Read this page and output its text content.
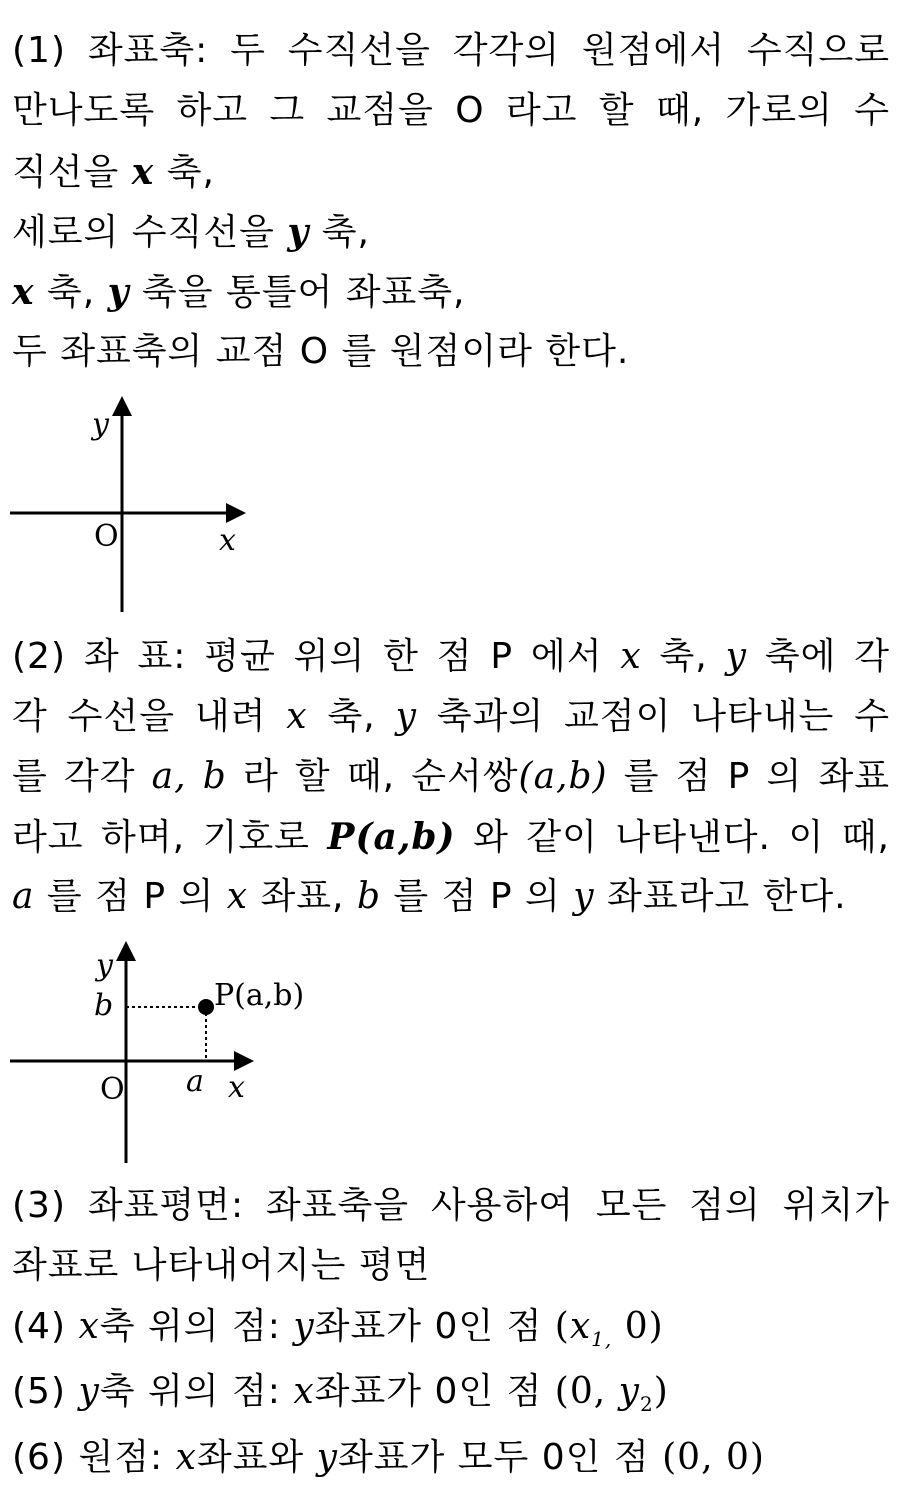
(1) 좌표축: 두 수직선을 각각의 원점에서 수직으로
만나도록 하고 그 교점을 O 라고 할 때, 가로의 수
직선을 x 축,
세로의 수직선을 y 축,
x 축, y 축을 통틀어 좌표축,
두 좌표축의 교점 O 를 원점이라 한다.
y
O	x
(2) 좌 표: 평균 위의 한 점 P 에서 x 축, y 축에 각
각 수선을 내려 x 축, y 축과의 교점이 나타내는 수
를 각각 a, b 라 할 때, 순서쌍(a,b) 를 점 P 의 좌표
라고 하며, 기호로 P(a,b) 와 같이 나타낸다. 이 때,
a 를 점 P 의 x 좌표, b 를 점 P 의 y 좌표라고 한다.
y
b	P(a,b)
O a x
(3) 좌표평면: 좌표축을 사용하여 모든 점의 위치가
좌표로 나타내어지는 평면
(4) x축 위의 점: y좌표가 0인 점 ($x_{1,}$ 0)
(5) y축 위의 점: x좌표가 0인 점 (0, $y_2$)
(6) 원점: x좌표와 y좌표가 모두 0인 점 (0, 0)
